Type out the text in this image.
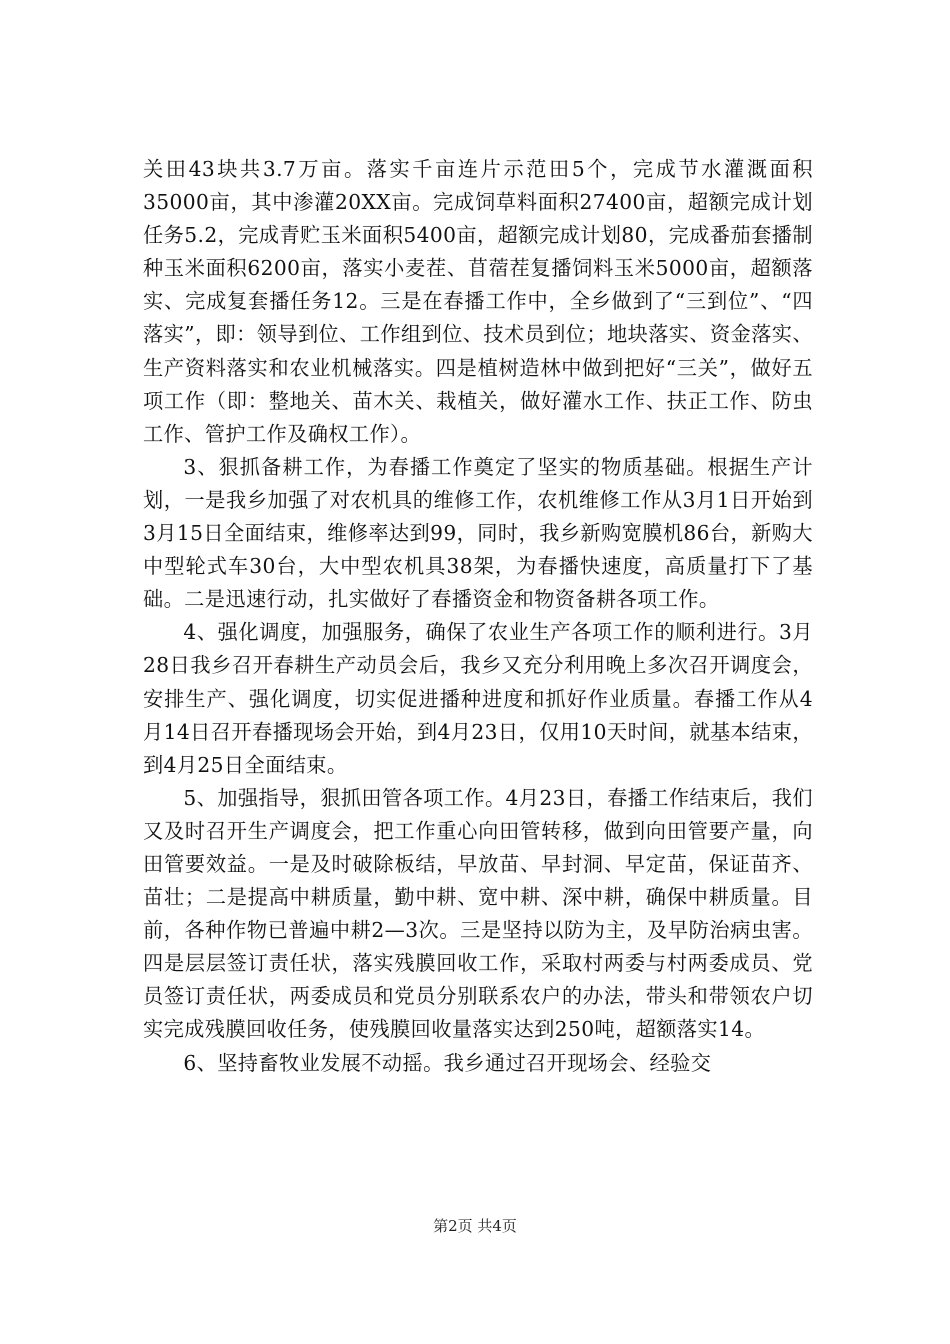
关田43块共3.7万亩。落实千亩连片示范田5个，完成节水灌溉面积35000亩，其中渗灌20XX亩。完成饲草料面积27400亩，超额完成计划任务5.2，完成青贮玉米面积5400亩，超额完成计划80，完成番茄套播制种玉米面积6200亩，落实小麦茬、苜蓿茬复播饲料玉米5000亩，超额落实、完成复套播任务12。三是在春播工作中，全乡做到了“三到位”、“四落实”，即：领导到位、工作组到位、技术员到位；地块落实、资金落实、生产资料落实和农业机械落实。四是植树造林中做到把好“三关”，做好五项工作（即：整地关、苗木关、栽植关，做好灌水工作、扶正工作、防虫工作、管护工作及确权工作）。

3、狠抓备耕工作，为春播工作奠定了坚实的物质基础。根据生产计划，一是我乡加强了对农机具的维修工作，农机维修工作从3月1日开始到3月15日全面结束，维修率达到99，同时，我乡新购宽膜机86台，新购大中型轮式车30台，大中型农机具38架，为春播快速度，高质量打下了基础。二是迅速行动，扎实做好了春播资金和物资备耕各项工作。

4、强化调度，加强服务，确保了农业生产各项工作的顺利进行。3月28日我乡召开春耕生产动员会后，我乡又充分利用晚上多次召开调度会，安排生产、强化调度，切实促进播种进度和抓好作业质量。春播工作从4月14日召开春播现场会开始，到4月23日，仅用10天时间，就基本结束，到4月25日全面结束。

5、加强指导，狠抓田管各项工作。4月23日，春播工作结束后，我们又及时召开生产调度会，把工作重心向田管转移，做到向田管要产量，向田管要效益。一是及时破除板结，早放苗、早封洞、早定苗，保证苗齐、苗壮；二是提高中耕质量，勤中耕、宽中耕、深中耕，确保中耕质量。目前，各种作物已普遍中耕2—3次。三是坚持以防为主，及早防治病虫害。四是层层签订责任状，落实残膜回收工作，采取村两委与村两委成员、党员签订责任状，两委成员和党员分别联系农户的办法，带头和带领农户切实完成残膜回收任务，使残膜回收量落实达到250吨，超额落实14。

6、坚持畜牧业发展不动摇。我乡通过召开现场会、经验交

第2页 共4页
